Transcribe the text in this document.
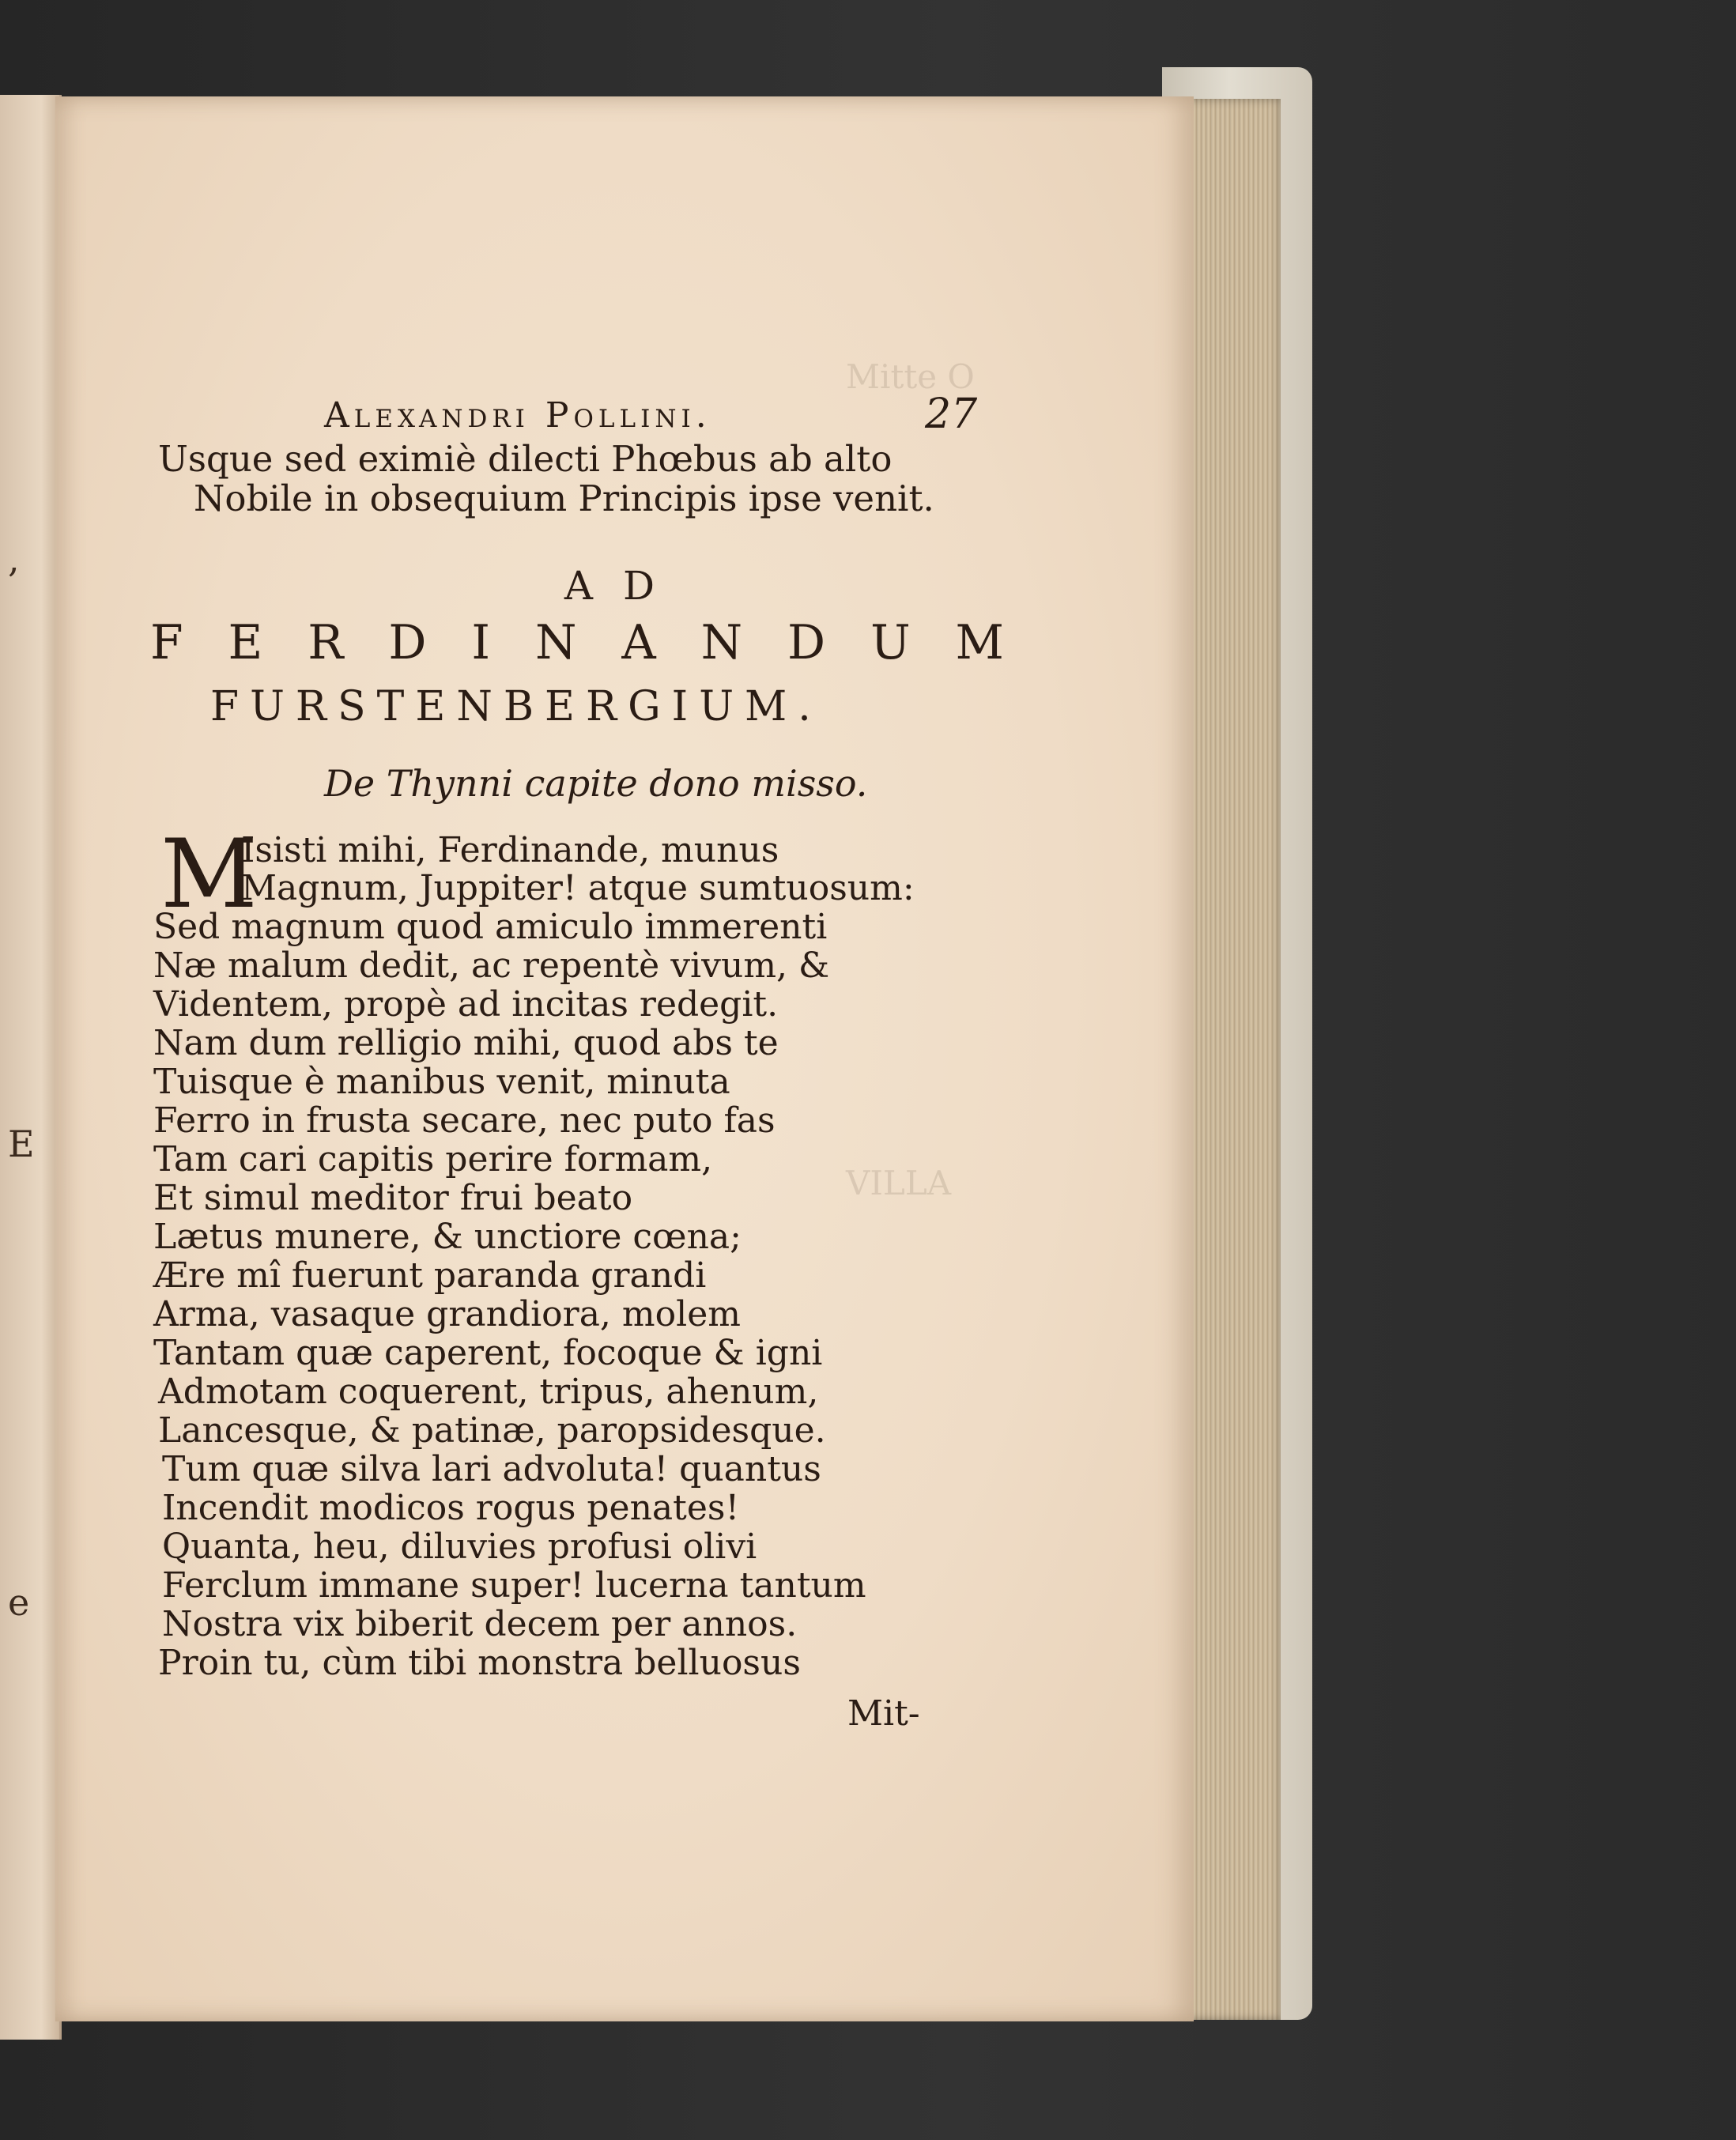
,
E
e
Mitte O
VILLA
Alexandri Pollini.	27
Usque sed eximiè dilecti Phœbus ab alto
Nobile in obsequium Principis ipse venit.
AD
F E R D I N A N D U M
FURSTENBERGIUM.
De Thynni capite dono misso.
M
Isisti mihi, Ferdinande, munus
Magnum, Juppiter! atque sumtuosum:
Sed magnum quod amiculo immerenti
Næ malum dedit, ac repentè vivum, &
Videntem, propè ad incitas redegit.
Nam dum relligio mihi, quod abs te
Tuisque è manibus venit, minuta
Ferro in frusta secare, nec puto fas
Tam cari capitis perire formam,
Et simul meditor frui beato
Lætus munere, & unctiore cœna;
Ære mî fuerunt paranda grandi
Arma, vasaque grandiora, molem
Tantam quæ caperent, focoque & igni
Admotam coquerent, tripus, ahenum,
Lancesque, & patinæ, paropsidesque.
Tum quæ silva lari advoluta! quantus
Incendit modicos rogus penates!
Quanta, heu, diluvies profusi olivi
Ferclum immane super! lucerna tantum
Nostra vix biberit decem per annos.
Proin tu, cùm tibi monstra belluosus
Mit-
